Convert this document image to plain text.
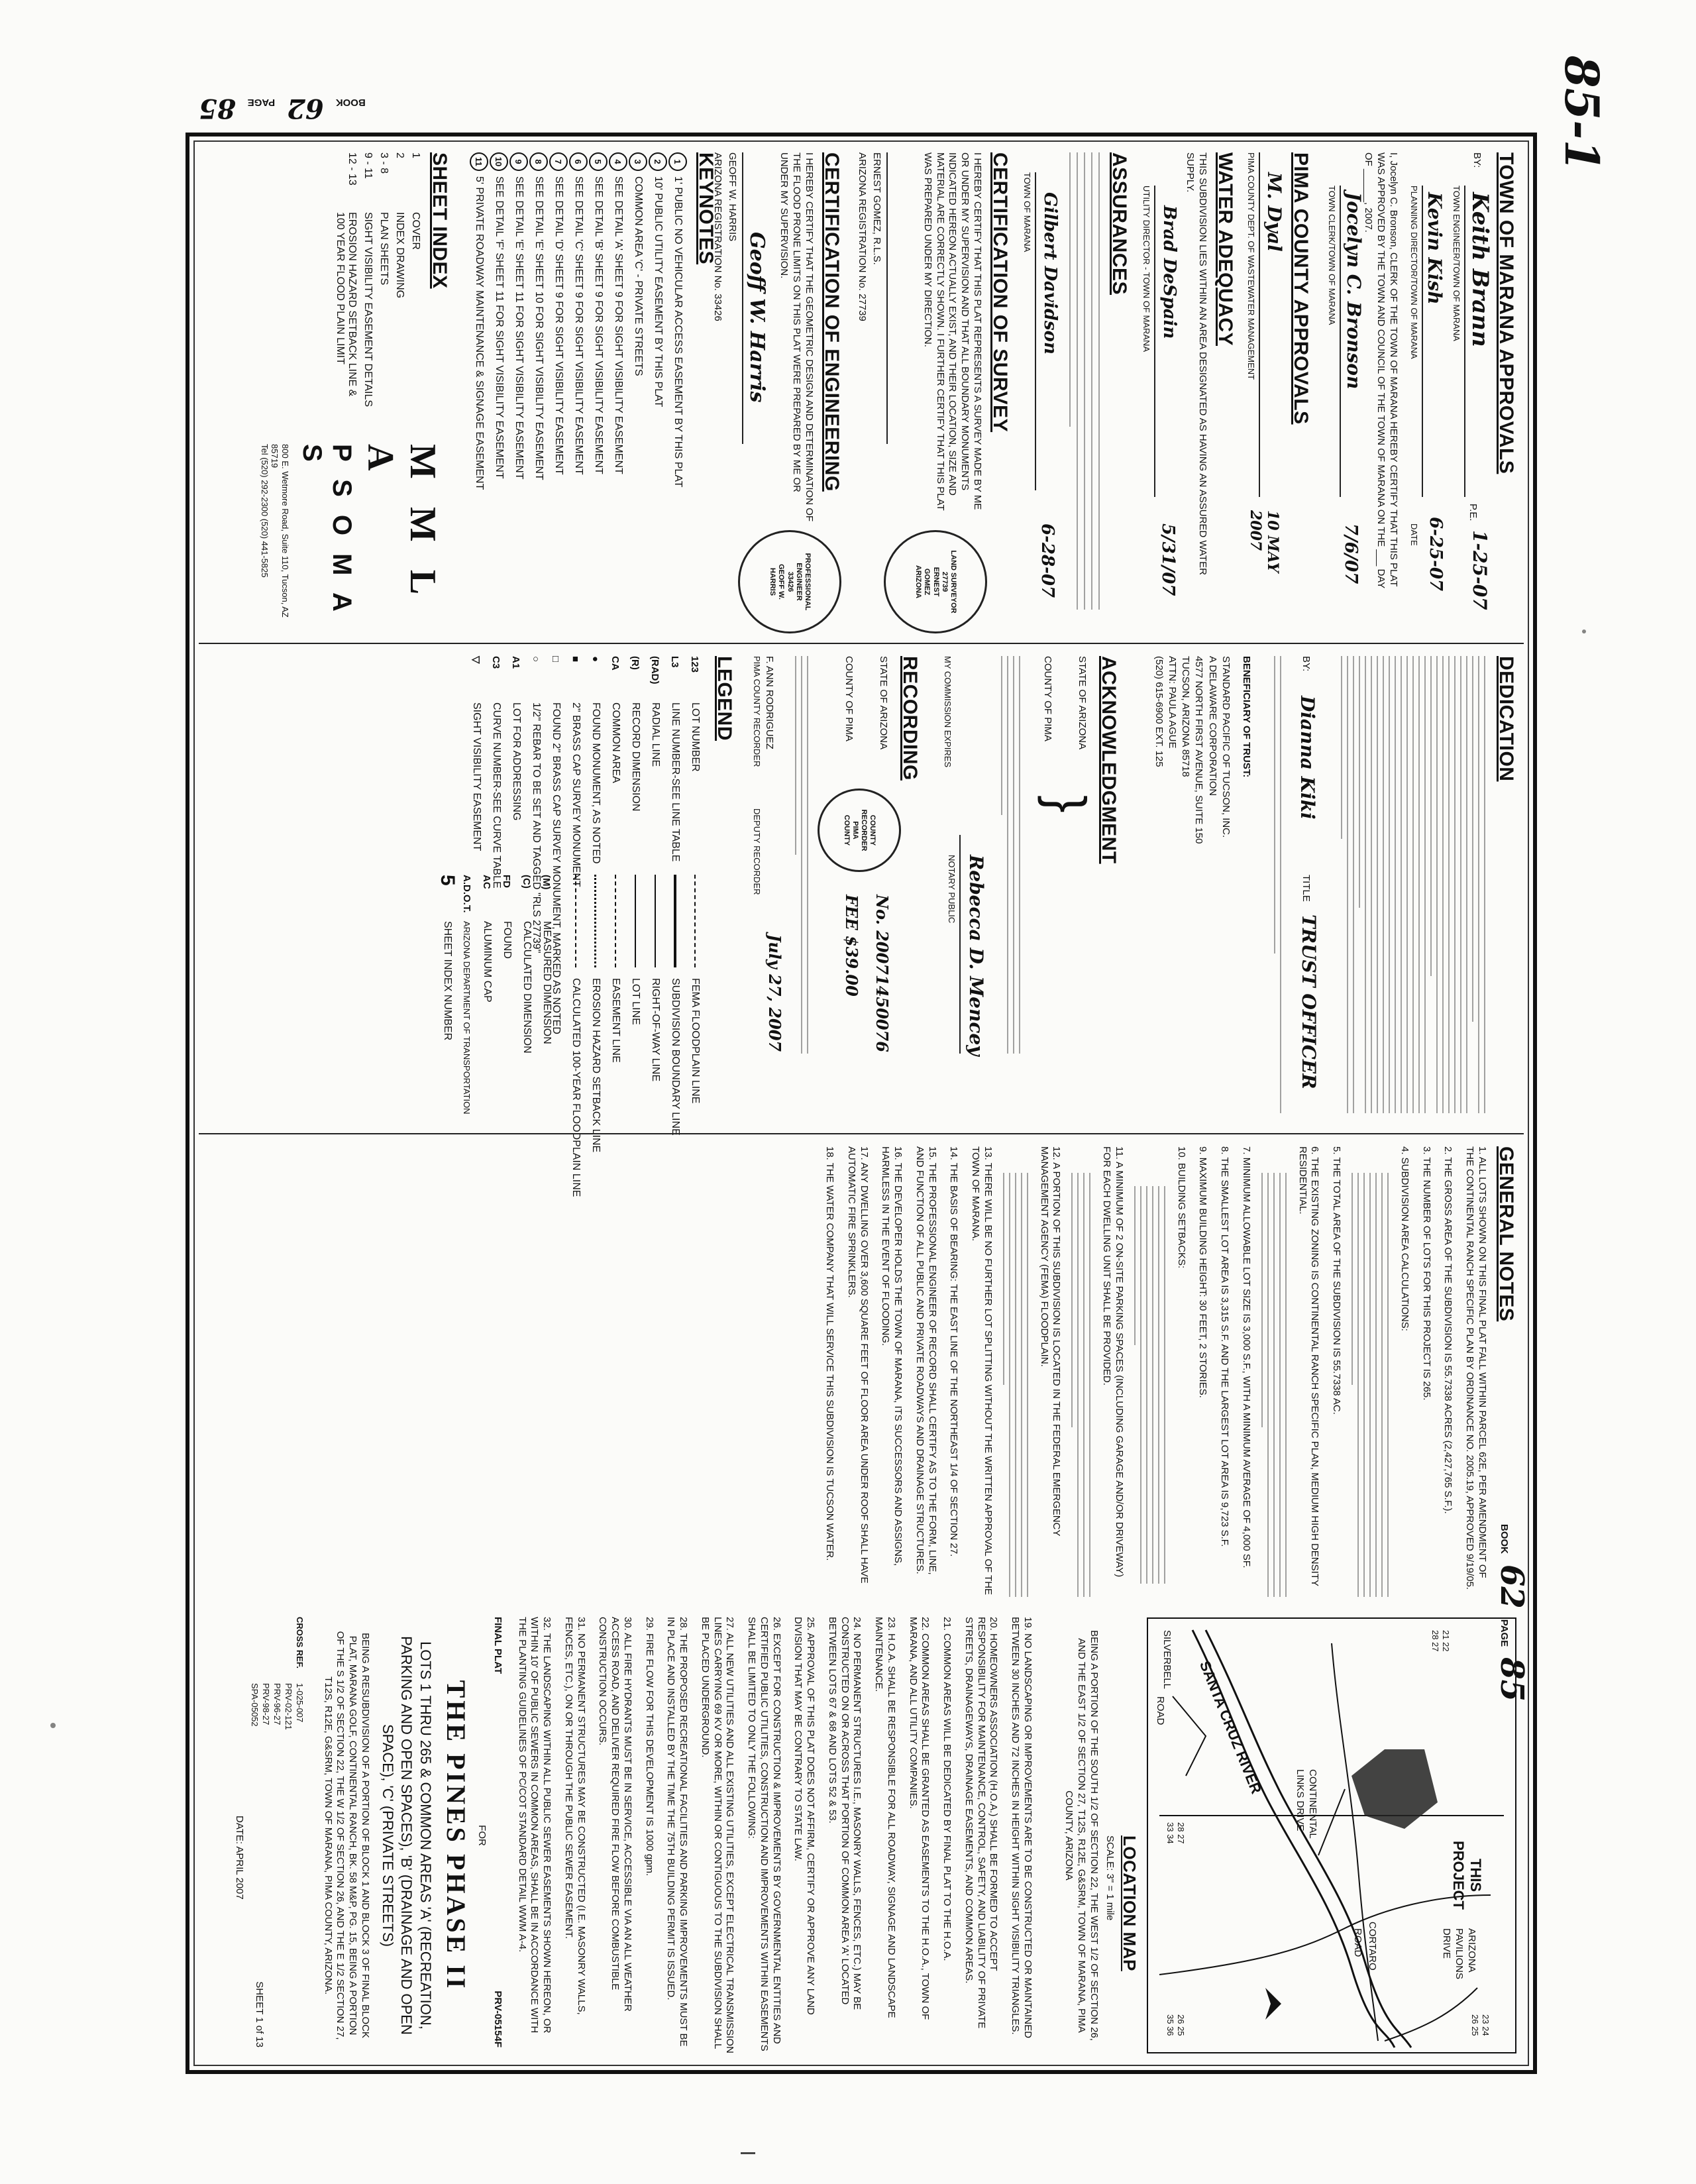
TOWN OF MARANA APPROVALS
BY:
Keith Brann
P.E.
1-25-07
TOWN ENGINEER/TOWN OF MARANA
Kevin Kish
6-25-07
PLANNING DIRECTOR/TOWN OF MARANA
DATE
I, Jocelyn C. Bronson, CLERK OF THE TOWN OF MARANA HEREBY CERTIFY THAT THIS PLAT WAS APPROVED BY THE TOWN AND COUNCIL OF THE TOWN OF MARANA ON THE ___ DAY OF ______, 2007.
Jocelyn C. Bronson
7/6/07
TOWN CLERK/TOWN OF MARANA
PIMA COUNTY APPROVALS
M. Dyal
10 MAY 2007
PIMA COUNTY DEPT. OF WASTEWATER MANAGEMENT
WATER ADEQUACY
THIS SUBDIVISION LIES WITHIN AN AREA DESIGNATED AS HAVING AN ASSURED WATER SUPPLY.
Brad DeSpain
5/31/07
UTILITY DIRECTOR - TOWN OF MARANA
ASSURANCES
Gilbert Davidson
6-28-07
TOWN OF MARANA
CERTIFICATION OF SURVEY
I HEREBY CERTIFY THAT THIS PLAT REPRESENTS A SURVEY MADE BY ME OR UNDER MY SUPERVISION AND THAT ALL BOUNDARY MONUMENTS INDICATED HEREON ACTUALLY EXIST, AND THEIR LOCATION, SIZE AND MATERIAL ARE CORRECTLY SHOWN. I FURTHER CERTIFY THAT THIS PLAT WAS PREPARED UNDER MY DIRECTION.
ERNEST GOMEZ, R.L.S.
ARIZONA REGISTRATION No. 27739
CERTIFICATION OF ENGINEERING
I HEREBY CERTIFY THAT THE GEOMETRIC DESIGN AND DETERMINATION OF THE FLOOD PRONE LIMITS ON THIS PLAT WERE PREPARED BY ME OR UNDER MY SUPERVISION.
Geoff W. Harris
GEOFF W. HARRIS
ARIZONA REGISTRATION No. 33426
LAND SURVEYOR
27739
ERNEST
GOMEZ
ARIZONA
PROFESSIONAL
ENGINEER
33426
GEOFF W.
HARRIS
KEYNOTES
1
1' PUBLIC NO VEHICULAR ACCESS EASEMENT BY THIS PLAT
2
10' PUBLIC UTILITY EASEMENT BY THIS PLAT
3
COMMON AREA 'C' - PRIVATE STREETS
4
SEE DETAIL 'A' SHEET 9 FOR SIGHT VISIBILITY EASEMENT
5
SEE DETAIL 'B' SHEET 9 FOR SIGHT VISIBILITY EASEMENT
6
SEE DETAIL 'C' SHEET 9 FOR SIGHT VISIBILITY EASEMENT
7
SEE DETAIL 'D' SHEET 9 FOR SIGHT VISIBILITY EASEMENT
8
SEE DETAIL 'E' SHEET 10 FOR SIGHT VISIBILITY EASEMENT
9
SEE DETAIL 'E' SHEET 11 FOR SIGHT VISIBILITY EASEMENT
10
SEE DETAIL 'F' SHEET 11 FOR SIGHT VISIBILITY EASEMENT
11
5' PRIVATE ROADWAY MAINTENANCE & SIGNAGE EASEMENT
SHEET INDEX
1
COVER
2
INDEX DRAWING
3 - 8
PLAN SHEETS
9 - 11
SIGHT VISIBILITY EASEMENT DETAILS
12 - 13
EROSION HAZARD SETBACK LINE & 100 YEAR FLOOD PLAIN LIMIT
M M L A
P S O M A S
800 E. Wetmore Road, Suite 110, Tucson, AZ 85719
Tel (520) 292-2300 (520) 441-5825
DEDICATION
Dianna Kiki
BY:
TITLE
TRUST OFFICER
BENEFICIARY OF TRUST:
STANDARD PACIFIC OF TUCSON, INC.
A DELAWARE CORPORATION
4577 NORTH FIRST AVENUE, SUITE 150
TUCSON, ARIZONA 85718
ATTN: PAULA AGUE
(520) 615-6900 EXT. 125
ACKNOWLEDGMENT
STATE OF ARIZONA
COUNTY OF PIMA
}
Rebecca D. Mencey
NOTARY PUBLIC
MY COMMISSION EXPIRES
RECORDING
STATE OF ARIZONA
COUNTY OF PIMA
No. 20071450076
FEE $39.00
COUNTY
RECORDER
PIMA
COUNTY
F. ANN RODRIGUEZ
PIMA COUNTY RECORDER
DEPUTY RECORDER
July 27, 2007
LEGEND
123
LOT NUMBER
L3
LINE NUMBER-SEE LINE TABLE
(RAD)
RADIAL LINE
(R)
RECORD DIMENSION
CA
COMMON AREA
●
FOUND MONUMENT, AS NOTED
■
2" BRASS CAP SURVEY MONUMENT
□
FOUND 2" BRASS CAP SURVEY MONUMENT, MARKED AS NOTED
○
1/2" REBAR TO BE SET AND TAGGED "RLS 27739"
A1
LOT FOR ADDRESSING
C3
CURVE NUMBER-SEE CURVE TABLE
▽
SIGHT VISIBILITY EASEMENT
FEMA FLOODPLAIN LINE
SUBDIVISION BOUNDARY LINE
RIGHT-OF-WAY LINE
LOT LINE
EASEMENT LINE
EROSION HAZARD SETBACK LINE
CALCULATED 100-YEAR FLOODPLAIN LINE
(M)
MEASURED DIMENSION
(C)
CALCULATED DIMENSION
FD
FOUND
AC
ALUMINUM CAP
A.D.O.T.
ARIZONA DEPARTMENT OF TRANSPORTATION
5
SHEET INDEX NUMBER
GENERAL NOTES
1. ALL LOTS SHOWN ON THIS FINAL PLAT FALL WITHIN PARCEL 62E, PER AMENDMENT OF THE CONTINENTAL RANCH SPECIFIC PLAN BY ORDINANCE NO. 2005.19, APPROVED 9/19/05.
2. THE GROSS AREA OF THE SUBDIVISION IS 55.7338 ACRES (2,427,765 S.F.).
3. THE NUMBER OF LOTS FOR THIS PROJECT IS 265.
4. SUBDIVISION AREA CALCULATIONS:
5. THE TOTAL AREA OF THE SUBDIVISION IS 55.7338 AC.
6. THE EXISTING ZONING IS CONTINENTAL RANCH SPECIFIC PLAN, MEDIUM HIGH DENSITY RESIDENTIAL.
7. MINIMUM ALLOWABLE LOT SIZE IS 3,000 S.F., WITH A MINIMUM AVERAGE OF 4,000 SF.
8. THE SMALLEST LOT AREA IS 3,315 S.F. AND THE LARGEST LOT AREA IS 9,723 S.F.
9. MAXIMUM BUILDING HEIGHT: 30 FEET, 2 STORIES.
10. BUILDING SETBACKS:
11. A MINIMUM OF 2 ON-SITE PARKING SPACES (INCLUDING GARAGE AND/OR DRIVEWAY) FOR EACH DWELLING UNIT SHALL BE PROVIDED.
12. A PORTION OF THIS SUBDIVISION IS LOCATED IN THE FEDERAL EMERGENCY MANAGEMENT AGENCY (FEMA) FLOODPLAIN.
13. THERE WILL BE NO FURTHER LOT SPLITTING WITHOUT THE WRITTEN APPROVAL OF THE TOWN OF MARANA.
14. THE BASIS OF BEARING: THE EAST LINE OF THE NORTHEAST 1/4 OF SECTION 27.
15. THE PROFESSIONAL ENGINEER OF RECORD SHALL CERTIFY AS TO THE FORM, LINE, AND FUNCTION OF ALL PUBLIC AND PRIVATE ROADWAYS AND DRAINAGE STRUCTURES.
16. THE DEVELOPER HOLDS THE TOWN OF MARANA, ITS SUCCESSORS AND ASSIGNS, HARMLESS IN THE EVENT OF FLOODING.
17. ANY DWELLING OVER 3,600 SQUARE FEET OF FLOOR AREA UNDER ROOF SHALL HAVE AUTOMATIC FIRE SPRINKLERS.
18. THE WATER COMPANY THAT WILL SERVICE THIS SUBDIVISION IS TUCSON WATER.
THIS PROJECT
SANTA CRUZ RIVER
SILVERBELL
ROAD
CONTINENTAL LINKS DRIVE
ARIZONA PAVILIONS DRIVE
CORTARO
ROAD
21 22
28 27
23 24
26 25
26 25
35 36
28 27
33 34
LOCATION MAP
SCALE: 3" = 1 mile
BEING A PORTION OF THE SOUTH 1/2 OF SECTION 22, THE WEST 1/2 OF SECTION 26, AND THE EAST 1/2 OF SECTION 27, T12S, R12E, G&SRM, TOWN OF MARANA, PIMA COUNTY, ARIZONA
19. NO LANDSCAPING OR IMPROVEMENTS ARE TO BE CONSTRUCTED OR MAINTAINED BETWEEN 30 INCHES AND 72 INCHES IN HEIGHT WITHIN SIGHT VISIBILITY TRIANGLES.
20. HOMEOWNERS ASSOCIATION (H.O.A.) SHALL BE FORMED TO ACCEPT RESPONSIBILITY FOR MAINTENANCE, CONTROL, SAFETY, AND LIABILITY OF PRIVATE STREETS, DRAINAGEWAYS, DRAINAGE EASEMENTS, AND COMMON AREAS.
21. COMMON AREAS WILL BE DEDICATED BY FINAL PLAT TO THE H.O.A.
22. COMMON AREAS SHALL BE GRANTED AS EASEMENTS TO THE H.O.A., TOWN OF MARANA, AND ALL UTILITY COMPANIES.
23. H.O.A. SHALL BE RESPONSIBLE FOR ALL ROADWAY, SIGNAGE AND LANDSCAPE MAINTENANCE.
24. NO PERMANENT STRUCTURES I.E., MASONRY WALLS, FENCES, ETC.) MAY BE CONSTRUCTED ON OR ACROSS THAT PORTION OF COMMON AREA 'A' LOCATED BETWEEN LOTS 67 & 68 AND LOTS 52 & 53.
25. APPROVAL OF THIS PLAT DOES NOT AFFIRM, CERTIFY OR APPROVE ANY LAND DIVISION THAT MAY BE CONTRARY TO STATE LAW.
26. EXCEPT FOR CONSTRUCTION & IMPROVEMENTS BY GOVERNMENTAL ENTITIES AND CERTIFIED PUBLIC UTILITIES, CONSTRUCTION AND IMPROVEMENTS WITHIN EASEMENTS SHALL BE LIMITED TO ONLY THE FOLLOWING:
27. ALL NEW UTILITIES AND ALL EXISTING UTILITIES, EXCEPT ELECTRICAL TRANSMISSION LINES CARRYING 69 KV OR MORE, WITHIN OR CONTIGUOUS TO THE SUBDIVISION SHALL BE PLACED UNDERGROUND.
28. THE PROPOSED RECREATIONAL FACILITIES AND PARKING IMPROVEMENTS MUST BE IN PLACE AND INSTALLED BY THE TIME THE 75TH BUILDING PERMIT IS ISSUED.
29. FIRE FLOW FOR THIS DEVELOPMENT IS 1000 gpm.
30. ALL FIRE HYDRANTS MUST BE IN SERVICE, ACCESSIBLE VIA AN ALL WEATHER ACCESS ROAD, AND DELIVER REQUIRED FIRE FLOW BEFORE COMBUSTIBLE CONSTRUCTION OCCURS.
31. NO PERMANENT STRUCTURES MAY BE CONSTRUCTED (I.E. MASONRY WALLS, FENCES, ETC.), ON OR THROUGH THE PUBLIC SEWER EASEMENT.
32. THE LANDSCAPING WITHIN ALL PUBLIC SEWER EASEMENTS SHOWN HEREON, OR WITHIN 10' OF PUBLIC SEWERS IN COMMON AREAS, SHALL BE IN ACCORDANCE WITH THE PLANTING GUIDELINES OF PC/COT STANDARD DETAIL WWM A-4.
FINAL PLAT
PRV-05154F
FOR
THE PINES PHASE II
LOTS 1 THRU 265 & COMMON AREAS 'A' (RECREATION, PARKING AND OPEN SPACES), 'B' (DRAINAGE AND OPEN SPACE), 'C' (PRIVATE STREETS)
BEING A RESUBDIVISION OF A PORTION OF BLOCK 1 AND BLOCK 3 OF FINAL BLOCK PLAT, MARANA GOLF, CONTINENTAL RANCH, BK. 58 M&P, PG. 15, BEING A PORTION OF THE S 1/2 OF SECTION 22, THE W 1/2 OF SECTION 26, AND THE E 1/2 SECTION 27, T12S, R12E, G&SRM, TOWN OF MARANA, PIMA COUNTY, ARIZONA.
CROSS REF.
1-025-007
PRV-02-121
PRV-96-27
PRV-98-27
SPA-05052
DATE: APRIL 2007
SHEET 1 of 13
BOOK
62
PAGE
85	85-1
BOOK
62
PAGE
85
